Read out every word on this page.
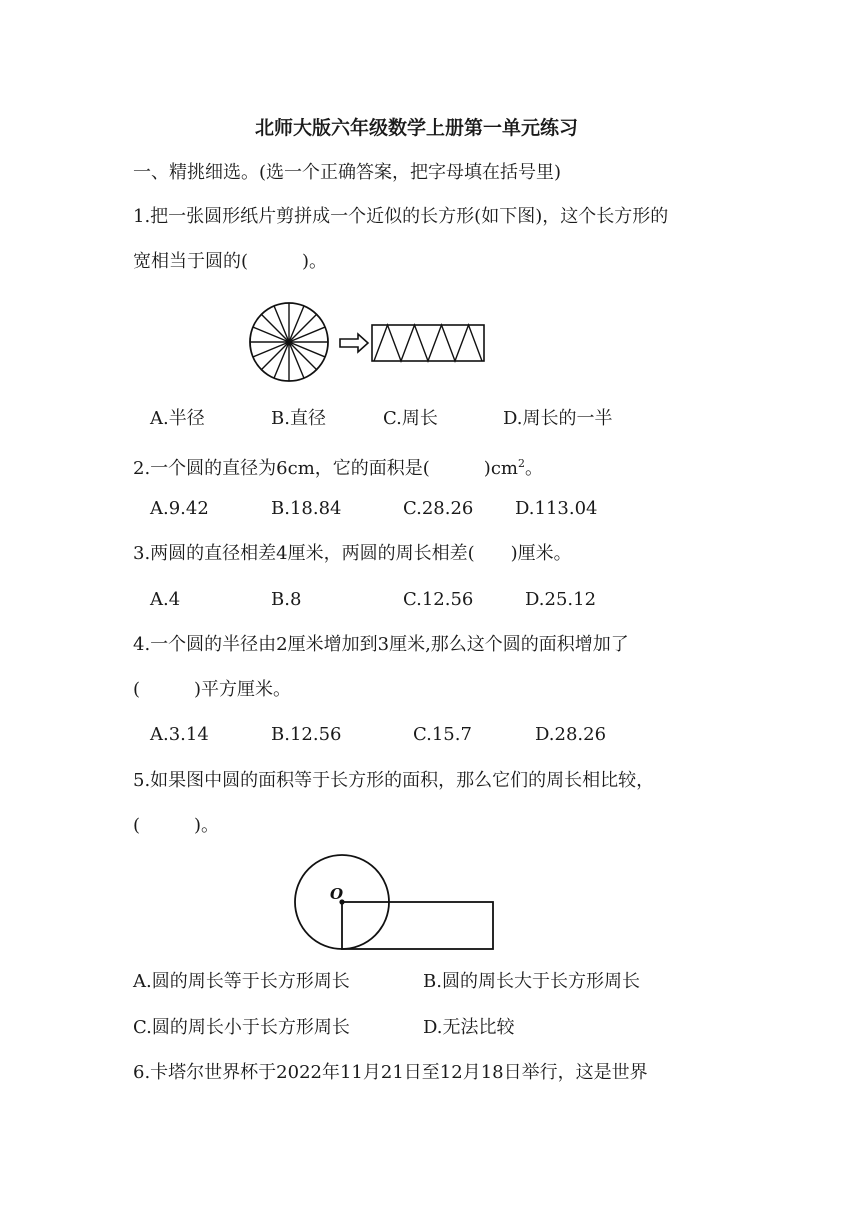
北师大版六年级数学上册第一单元练习
一、精挑细选。(选一个正确答案，把字母填在括号里)
1.把一张圆形纸片剪拼成一个近似的长方形(如下图)，这个长方形的
宽相当于圆的(　　　)。
A.半径	B.直径	C.周长	D.周长的一半
2.一个圆的直径为6cm，它的面积是(　　　)$cm^2$。
A.9.42	B.18.84	C.28.26 D.113.04
3.两圆的直径相差4厘米，两圆的周长相差(　　)厘米。
A.4	B.8	C.12.56	D.25.12
4.一个圆的半径由2厘米增加到3厘米,那么这个圆的面积增加了
(　　　)平方厘米。
A.3.14	B.12.56	C.15.7	D.28.26
5.如果图中圆的面积等于长方形的面积，那么它们的周长相比较，
(　　　)。
O
A.圆的周长等于长方形周长	B.圆的周长大于长方形周长
C.圆的周长小于长方形周长	D.无法比较
6.卡塔尔世界杯于2022年11月21日至12月18日举行，这是世界
